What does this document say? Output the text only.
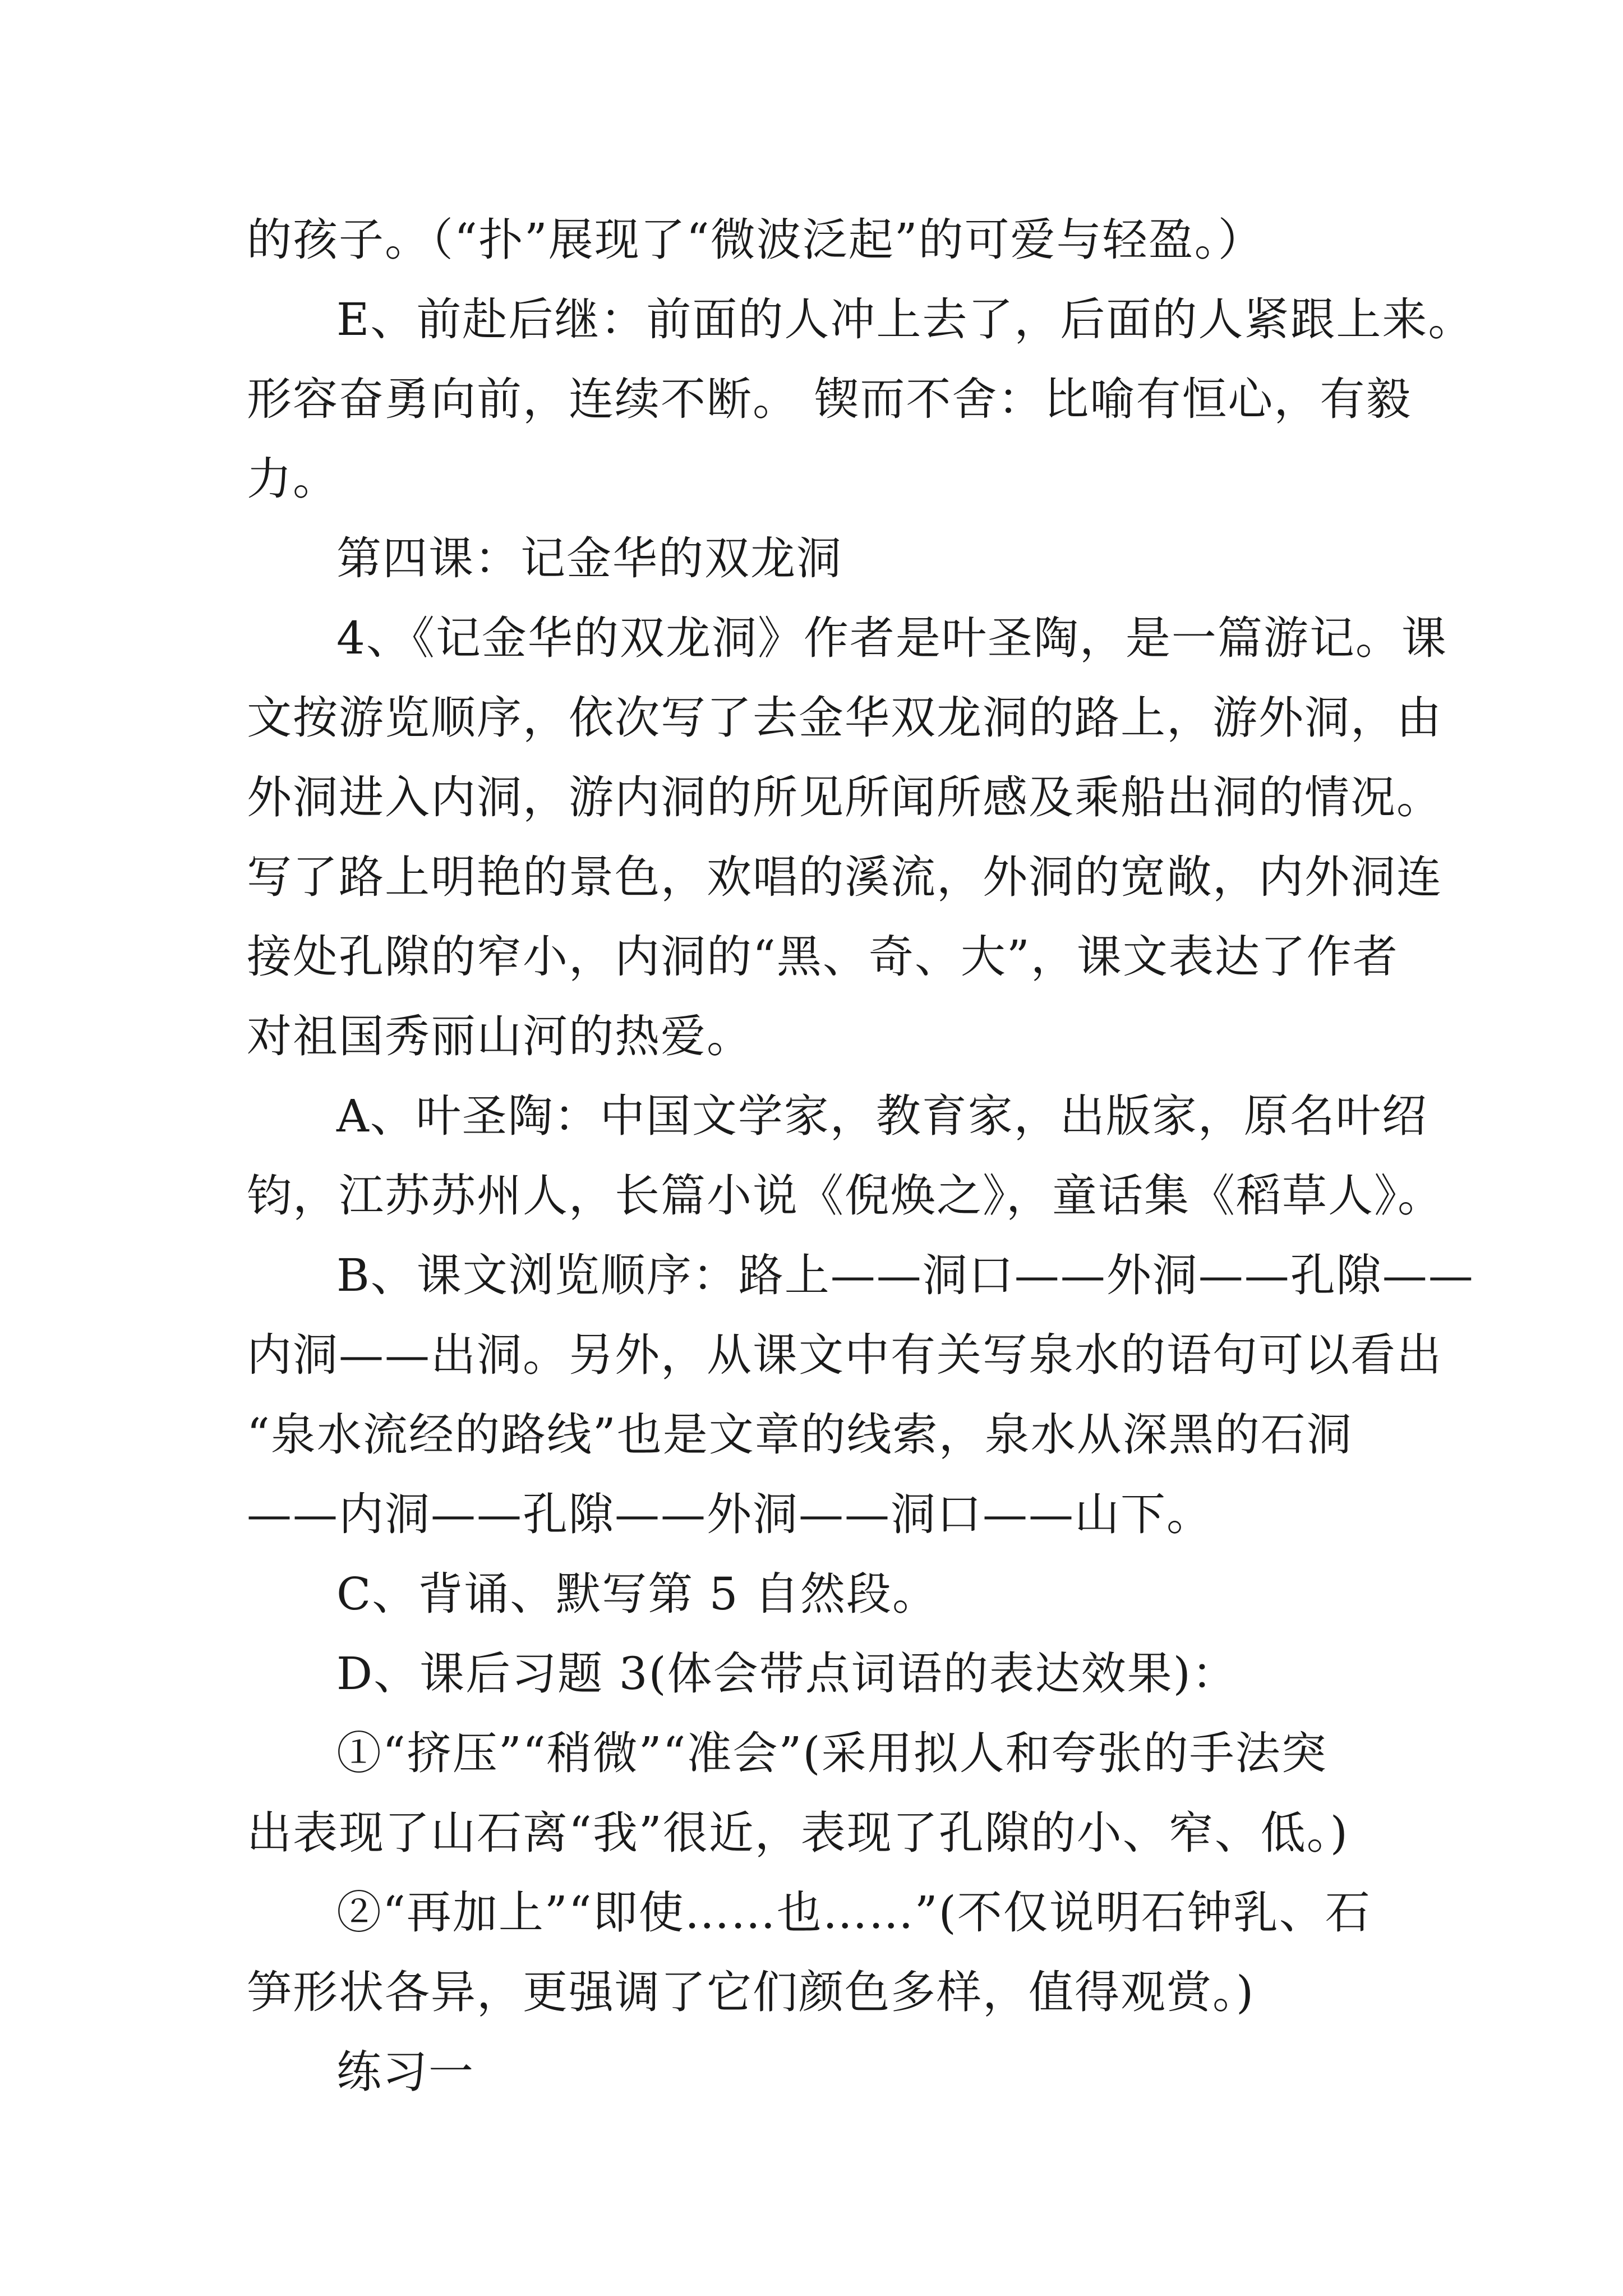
的孩子。（“扑”展现了“微波泛起”的可爱与轻盈。）

E、前赴后继：前面的人冲上去了，后面的人紧跟上来。

形容奋勇向前，连续不断。 锲而不舍：比喻有恒心，有毅

力。

第四课：记金华的双龙洞

4、《记金华的双龙洞》作者是叶圣陶，是一篇游记。课

文按游览顺序，依次写了去金华双龙洞的路上，游外洞，由

外洞进入内洞，游内洞的所见所闻所感及乘船出洞的情况。

写了路上明艳的景色，欢唱的溪流，外洞的宽敞，内外洞连

接处孔隙的窄小，内洞的“黑、奇、大”，课文表达了作者

对祖国秀丽山河的热爱。

A、叶圣陶：中国文学家，教育家，出版家，原名叶绍

钧，江苏苏州人，长篇小说《倪焕之》，童话集《稻草人》。

B、课文浏览顺序：路上——洞口——外洞——孔隙——

内洞——出洞。另外，从课文中有关写泉水的语句可以看出

“泉水流经的路线”也是文章的线索，泉水从深黑的石洞

——内洞——孔隙——外洞——洞口——山下。

C、背诵、默写第 5 自然段。

D、课后习题 3(体会带点词语的表达效果)：

①“挤压”“稍微”“准会”(采用拟人和夸张的手法突

出表现了山石离“我”很近，表现了孔隙的小、窄、低。)

②“再加上”“即使……也……”(不仅说明石钟乳、石

笋形状各异，更强调了它们颜色多样，值得观赏。)

练习一
